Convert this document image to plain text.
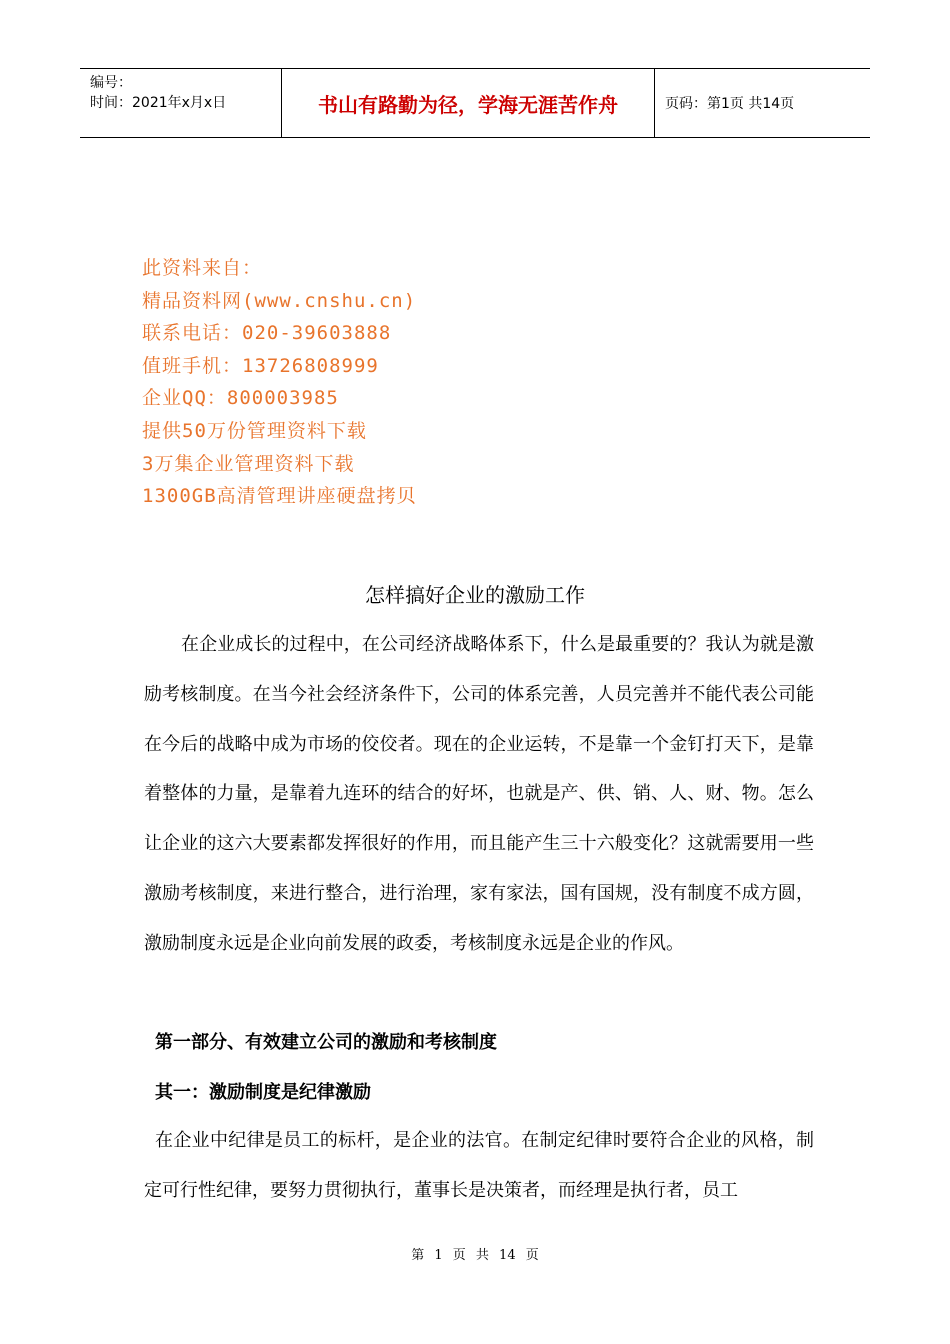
编号：
时间：2021年x月x日	书山有路勤为径，学海无涯苦作舟	页码：第1页 共14页
此资料来自：
精品资料网(www.cnshu.cn)
联系电话：020-39603888
值班手机：13726808999
企业QQ：800003985
提供50万份管理资料下载
3万集企业管理资料下载
1300GB高清管理讲座硬盘拷贝
怎样搞好企业的激励工作
在企业成长的过程中，在公司经济战略体系下，什么是最重要的？我认为就是激励考核制度。在当今社会经济条件下，公司的体系完善，人员完善并不能代表公司能在今后的战略中成为市场的佼佼者。现在的企业运转，不是靠一个金钉打天下，是靠着整体的力量，是靠着九连环的结合的好坏，也就是产、供、销、人、财、物。怎么让企业的这六大要素都发挥很好的作用，而且能产生三十六般变化？这就需要用一些激励考核制度，来进行整合，进行治理，家有家法，国有国规，没有制度不成方圆，激励制度永远是企业向前发展的政委，考核制度永远是企业的作风。
第一部分、有效建立公司的激励和考核制度
其一：激励制度是纪律激励
在企业中纪律是员工的标杆，是企业的法官。在制定纪律时要符合企业的风格，制定可行性纪律，要努力贯彻执行，董事长是决策者，而经理是执行者，员工
第 1 页 共 14 页
